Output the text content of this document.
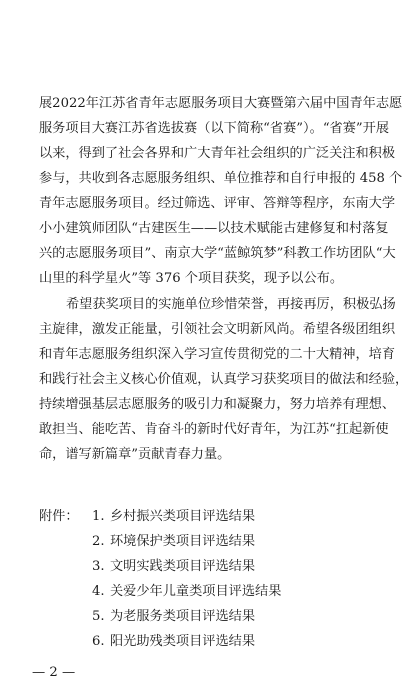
展2022年江苏省青年志愿服务项目大赛暨第六届中国青年志愿
服务项目大赛江苏省选拔赛（以下简称“省赛”）。“省赛”开展
以来，得到了社会各界和广大青年社会组织的广泛关注和积极
参与，共收到各志愿服务组织、单位推荐和自行申报的 458 个
青年志愿服务项目。经过筛选、评审、答辩等程序，东南大学
小小建筑师团队“古建医生——以技术赋能古建修复和村落复
兴的志愿服务项目”、南京大学“蓝鲸筑梦”科教工作坊团队“大
山里的科学星火”等 376 个项目获奖，现予以公布。
希望获奖项目的实施单位珍惜荣誉，再接再厉，积极弘扬
主旋律，激发正能量，引领社会文明新风尚。希望各级团组织
和青年志愿服务组织深入学习宣传贯彻党的二十大精神，培育
和践行社会主义核心价值观，认真学习获奖项目的做法和经验，
持续增强基层志愿服务的吸引力和凝聚力，努力培养有理想、
敢担当、能吃苦、肯奋斗的新时代好青年，为江苏“扛起新使
命，谱写新篇章”贡献青春力量。
附件： 1. 乡村振兴类项目评选结果
2. 环境保护类项目评选结果
3. 文明实践类项目评选结果
4. 关爱少年儿童类项目评选结果
5. 为老服务类项目评选结果
6. 阳光助残类项目评选结果
— 2 —
